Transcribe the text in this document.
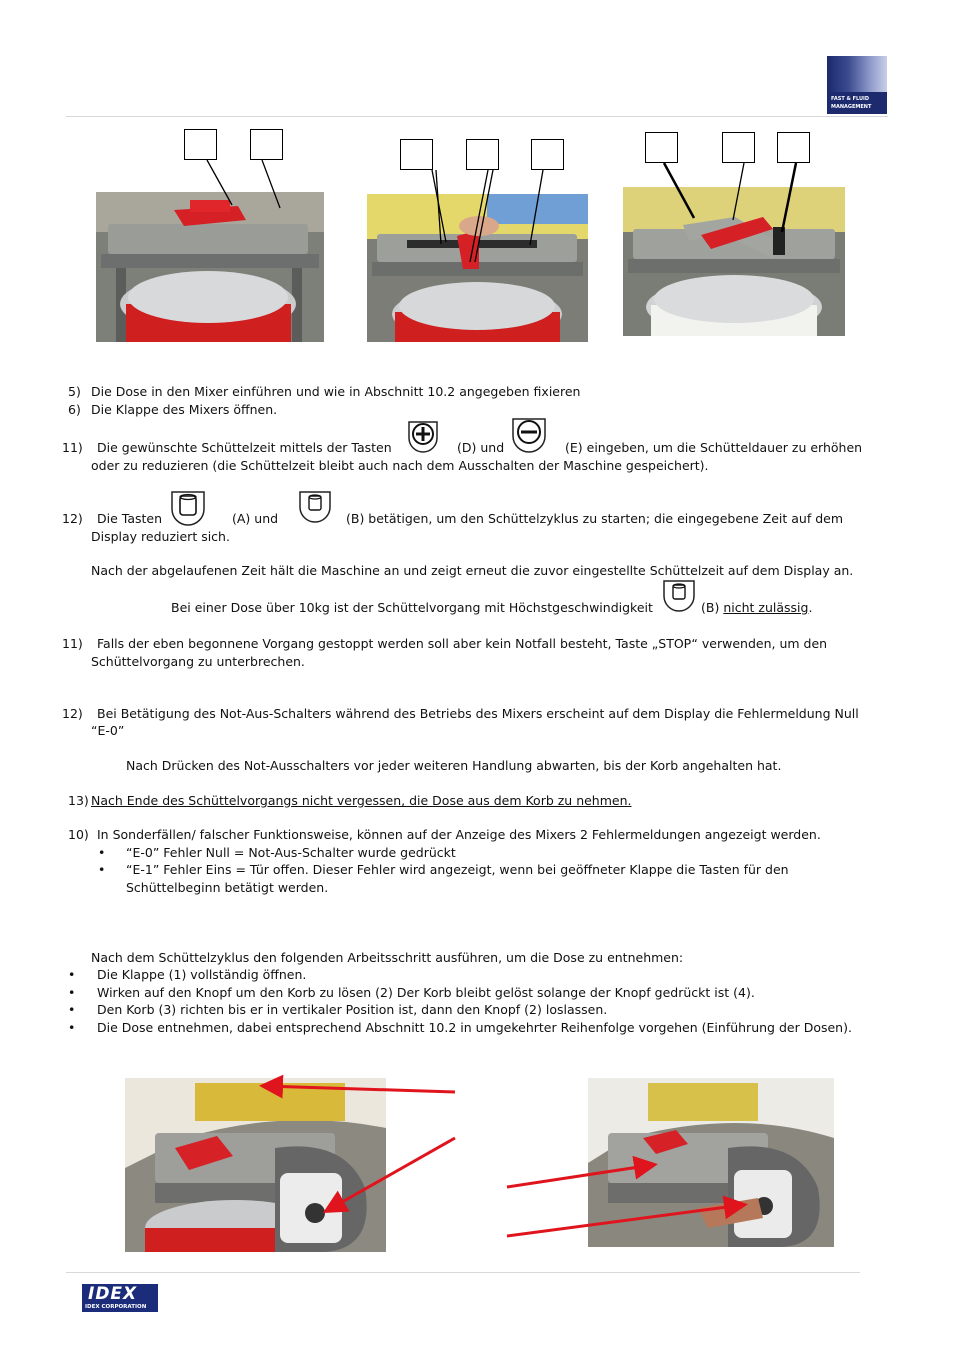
FAST & FLUID
MANAGEMENT
5) Die Dose in den Mixer einführen und wie in Abschnitt 10.2 angegeben fixieren
6) Die Klappe des Mixers öffnen.
11) Die gewünschte Schüttelzeit mittels der Tasten	(D) und	(E) eingeben, um die Schütteldauer zu erhöhen
oder zu reduzieren (die Schüttelzeit bleibt auch nach dem Ausschalten der Maschine gespeichert).
12) Die Tasten	(A) und	(B) betätigen, um den Schüttelzyklus zu starten; die eingegebene Zeit auf dem
Display reduziert sich.
Nach der abgelaufenen Zeit hält die Maschine an und zeigt erneut die zuvor eingestellte Schüttelzeit auf dem Display an.
Bei einer Dose über 10kg ist der Schüttelvorgang mit Höchstgeschwindigkeit	(B) nicht zulässig.
11) Falls der eben begonnene Vorgang gestoppt werden soll aber kein Notfall besteht, Taste „STOP“ verwenden, um den
Schüttelvorgang zu unterbrechen.
12) Bei Betätigung des Not-Aus-Schalters während des Betriebs des Mixers erscheint auf dem Display die Fehlermeldung Null
“E-0”
Nach Drücken des Not-Ausschalters vor jeder weiteren Handlung abwarten, bis der Korb angehalten hat.
13) Nach Ende des Schüttelvorgangs nicht vergessen, die Dose aus dem Korb zu nehmen.
10) In Sonderfällen/ falscher Funktionsweise, können auf der Anzeige des Mixers 2 Fehlermeldungen angezeigt werden.
• “E-0” Fehler Null = Not-Aus-Schalter wurde gedrückt
• “E-1” Fehler Eins = Tür offen. Dieser Fehler wird angezeigt, wenn bei geöffneter Klappe die Tasten für den
Schüttelbeginn betätigt werden.
Nach dem Schüttelzyklus den folgenden Arbeitsschritt ausführen, um die Dose zu entnehmen:
• Die Klappe (1) vollständig öffnen.
• Wirken auf den Knopf um den Korb zu lösen (2) Der Korb bleibt gelöst solange der Knopf gedrückt ist (4).
• Den Korb (3) richten bis er in vertikaler Position ist, dann den Knopf (2) loslassen.
• Die Dose entnehmen, dabei entsprechend Abschnitt 10.2 in umgekehrter Reihenfolge vorgehen (Einführung der Dosen).
IDEX
IDEX CORPORATION
